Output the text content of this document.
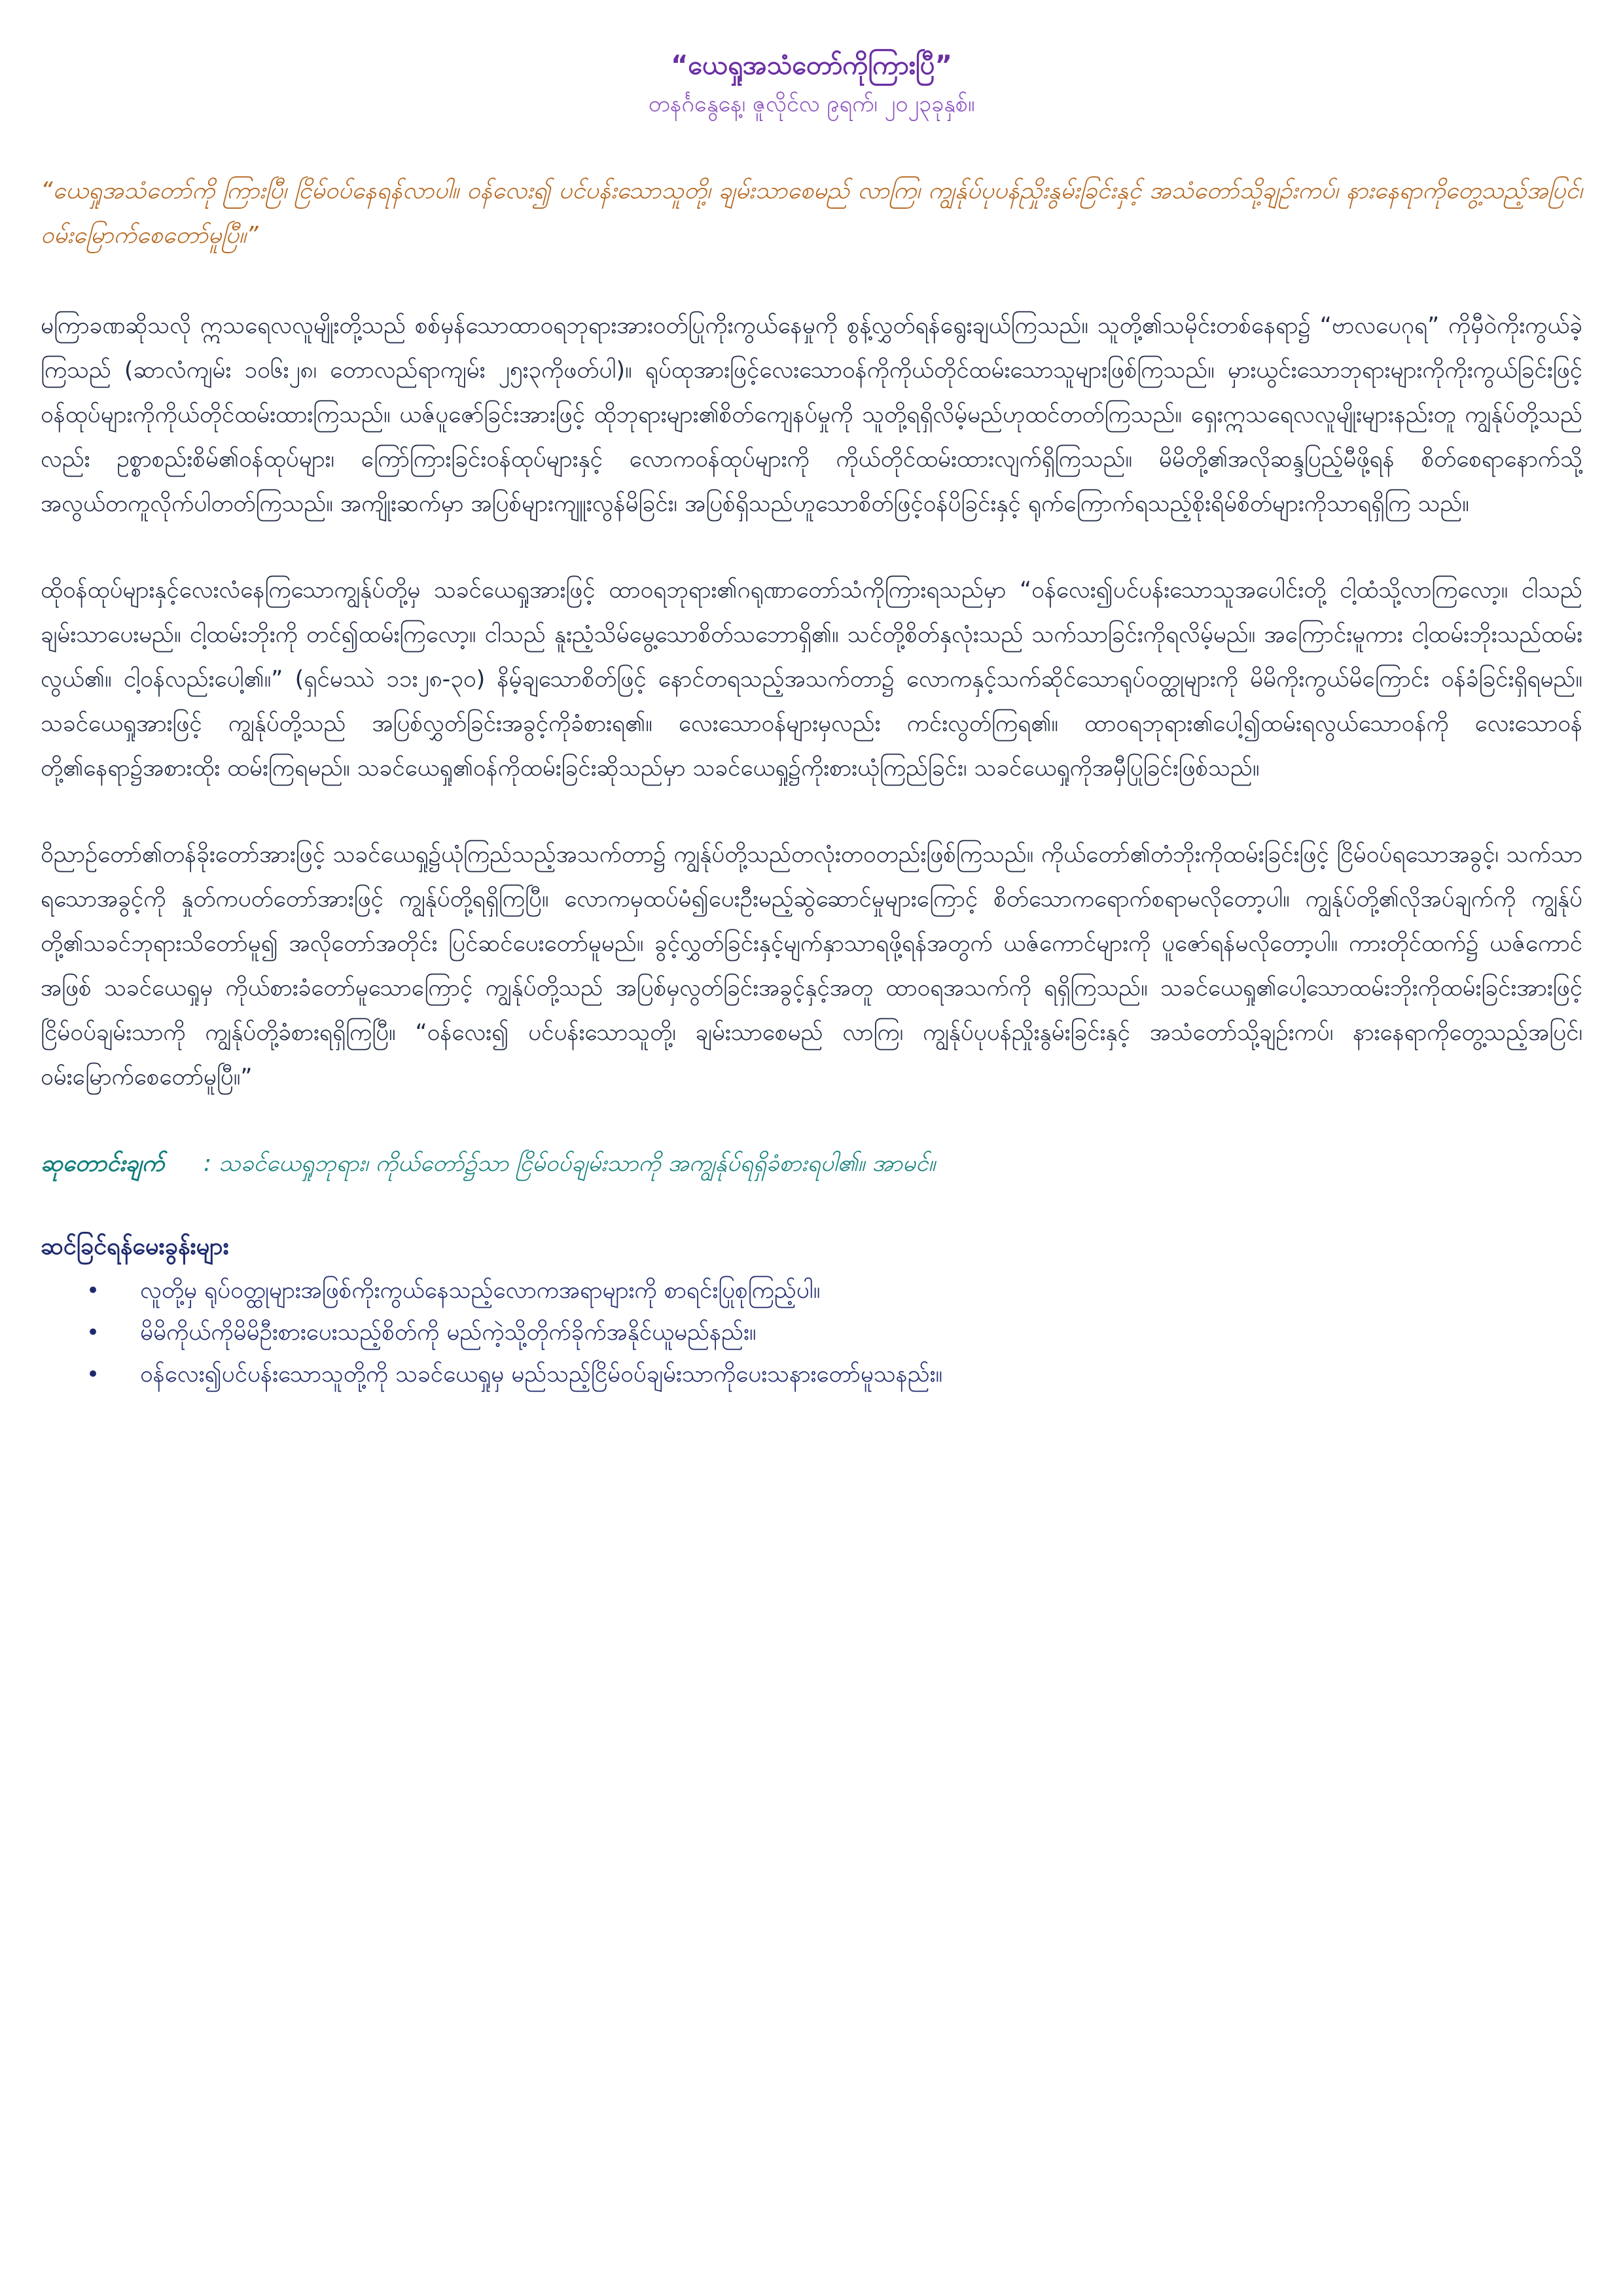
“ယေရှုအသံတော်ကိုကြားပြီ”

တနင်္ဂနွေနေ့၊ ဇူလိုင်လ ၉ရက်၊ ၂၀၂၃ခုနှစ်။

“ယေရှုအသံတော်ကို ကြားပြီ၊ ငြိမ်ဝပ်နေရန်လာပါ။ ဝန်လေး၍ ပင်ပန်းသောသူတို့၊ ချမ်းသာစေမည် လာကြ၊ ကျွန်ုပ်ပုပန်ညှိုးနွမ်းခြင်းနှင့် အသံတော်သို့ချဉ်းကပ်၊ နားနေရာကိုတွေ့သည့်အပြင်၊ ဝမ်းမြောက်စေတော်မူပြီ။”

မကြာခဏဆိုသလို ဣသရေလလူမျိုးတို့သည် စစ်မှန်သောထာဝရဘုရားအားဝတ်ပြုကိုးကွယ်နေမှုကို စွန့်လွှတ်ရန်ရွေးချယ်ကြသည်။ သူတို့၏သမိုင်းတစ်နေရာ၌ “ဗာလပေဂုရ” ကိုမှီဝဲကိုးကွယ်ခဲ့ကြသည် (ဆာလံကျမ်း ၁၀၆း၂၈၊ တောလည်ရာကျမ်း ၂၅း၃ကိုဖတ်ပါ)။ ရုပ်ထုအားဖြင့်လေးသောဝန်ကိုကိုယ်တိုင်ထမ်းသောသူများဖြစ်ကြသည်။ မှားယွင်းသောဘုရားများကိုကိုးကွယ်ခြင်းဖြင့် ဝန်ထုပ်များကိုကိုယ်တိုင်ထမ်းထားကြသည်။ ယဇ်ပူဇော်ခြင်းအားဖြင့် ထိုဘုရားများ၏စိတ်ကျေနပ်မှုကို သူတို့ရရှိလိမ့်မည်ဟုထင်တတ်ကြသည်။ ရှေးဣသရေလလူမျိုးများနည်းတူ ကျွန်ုပ်တို့သည်လည်း ဥစ္စာစည်းစိမ်၏ဝန်ထုပ်များ၊ ကြော်ကြားခြင်းဝန်ထုပ်များနှင့် လောကဝန်ထုပ်များကို ကိုယ်တိုင်ထမ်းထားလျက်ရှိကြသည်။ မိမိတို့၏အလိုဆန္ဒပြည့်မီဖို့ရန် စိတ်စေရာနောက်သို့ အလွယ်တကူလိုက်ပါတတ်ကြသည်။ အကျိုးဆက်မှာ အပြစ်များကျူးလွန်မိခြင်း၊ အပြစ်ရှိသည်ဟူသောစိတ်ဖြင့်ဝန်ပိခြင်းနှင့် ရုက်ကြောက်ရသည့်စိုးရိမ်စိတ်များကိုသာရရှိကြ သည်။

ထိုဝန်ထုပ်များနှင့်လေးလံနေကြသောကျွန်ုပ်တို့မှ သခင်ယေရှုအားဖြင့် ထာဝရဘုရား၏ဂရုဏာတော်သံကိုကြားရသည်မှာ “ဝန်လေး၍ပင်ပန်းသောသူအပေါင်းတို့ ငါ့ထံသို့လာကြလော့။ ငါသည် ချမ်းသာပေးမည်။ ငါ့ထမ်းဘိုးကို တင်၍ထမ်းကြလော့။ ငါသည် နူးညံ့သိမ်မွေ့သောစိတ်သဘောရှိ၏။ သင်တို့စိတ်နှလုံးသည် သက်သာခြင်းကိုရလိမ့်မည်။ အကြောင်းမူကား ငါ့ထမ်းဘိုးသည်ထမ်းလွယ်၏။ ငါ့ဝန်လည်းပေါ့၏။” (ရှင်မဿဲ ၁၁း၂၈-၃၀) နိမ့်ချသောစိတ်ဖြင့် နောင်တရသည့်အသက်တာ၌ လောကနှင့်သက်ဆိုင်သောရုပ်ဝတ္ထုများကို မိမိကိုးကွယ်မိကြောင်း ဝန်ခံခြင်းရှိရမည်။ သခင်ယေရှုအားဖြင့် ကျွန်ုပ်တို့သည် အပြစ်လွှတ်ခြင်းအခွင့်ကိုခံစားရ၏။ လေးသောဝန်များမှလည်း ကင်းလွတ်ကြရ၏။ ထာဝရဘုရား၏ပေါ့၍ထမ်းရလွယ်သောဝန်ကို လေးသောဝန်တို့၏နေရာ၌အစားထိုး ထမ်းကြရမည်။ သခင်ယေရှု၏ဝန်ကိုထမ်းခြင်းဆိုသည်မှာ သခင်ယေရှု၌ကိုးစားယုံကြည်ခြင်း၊ သခင်ယေရှုကိုအမှီပြုခြင်းဖြစ်သည်။

ဝိညာဉ်တော်၏တန်ခိုးတော်အားဖြင့် သခင်ယေရှု၌ယုံကြည်သည့်အသက်တာ၌ ကျွန်ုပ်တို့သည်တလုံးတဝတည်းဖြစ်ကြသည်။ ကိုယ်တော်၏တံဘိုးကိုထမ်းခြင်းဖြင့် ငြိမ်ဝပ်ရသောအခွင့်၊ သက်သာရသောအခွင့်ကို နှုတ်ကပတ်တော်အားဖြင့် ကျွန်ုပ်တို့ရရှိကြပြီ။ လောကမှထပ်မံ၍ပေးဦးမည့်ဆွဲဆောင်မှုများကြောင့် စိတ်သောကရောက်စရာမလိုတော့ပါ။ ကျွန်ုပ်တို့၏လိုအပ်ချက်ကို ကျွန်ုပ်တို့၏သခင်ဘုရားသိတော်မူ၍ အလိုတော်အတိုင်း ပြင်ဆင်ပေးတော်မူမည်။ ခွင့်လွှတ်ခြင်းနှင့်မျက်နှာသာရဖို့ရန်အတွက် ယဇ်ကောင်များကို ပူဇော်ရန်မလိုတော့ပါ။ ကားတိုင်ထက်၌ ယဇ်ကောင်အဖြစ် သခင်ယေရှုမှ ကိုယ်စားခံတော်မူသောကြောင့် ကျွန်ုပ်တို့သည် အပြစ်မှလွတ်ခြင်းအခွင့်နှင့်အတူ ထာဝရအသက်ကို ရရှိကြသည်။ သခင်ယေရှု၏ပေါ့သောထမ်းဘိုးကိုထမ်းခြင်းအားဖြင့် ငြိမ်ဝပ်ချမ်းသာကို ကျွန်ုပ်တို့ခံစားရရှိကြပြီ။ “ဝန်လေး၍ ပင်ပန်းသောသူတို့၊ ချမ်းသာစေမည် လာကြ၊ ကျွန်ုပ်ပုပန်ညှိုးနွမ်းခြင်းနှင့် အသံတော်သို့ချဉ်းကပ်၊ နားနေရာကိုတွေ့သည့်အပြင်၊ ဝမ်းမြောက်စေတော်မူပြီ။”

ဆုတောင်းချက် : သခင်ယေရှုဘုရား၊ ကိုယ်တော်၌သာ ငြိမ်ဝပ်ချမ်းသာကို အကျွန်ုပ်ရရှိခံစားရပါ၏။ အာမင်။

ဆင်ခြင်ရန်မေးခွန်းများ
• လူတို့မှ ရုပ်ဝတ္ထုများအဖြစ်ကိုးကွယ်နေသည့်လောကအရာများကို စာရင်းပြုစုကြည့်ပါ။
• မိမိကိုယ်ကိုမိမိဦးစားပေးသည့်စိတ်ကို မည်ကဲ့သို့တိုက်ခိုက်အနိုင်ယူမည်နည်း။
• ဝန်လေး၍ပင်ပန်းသောသူတို့ကို သခင်ယေရှုမှ မည်သည့်ငြိမ်ဝပ်ချမ်းသာကိုပေးသနားတော်မူသနည်း။
